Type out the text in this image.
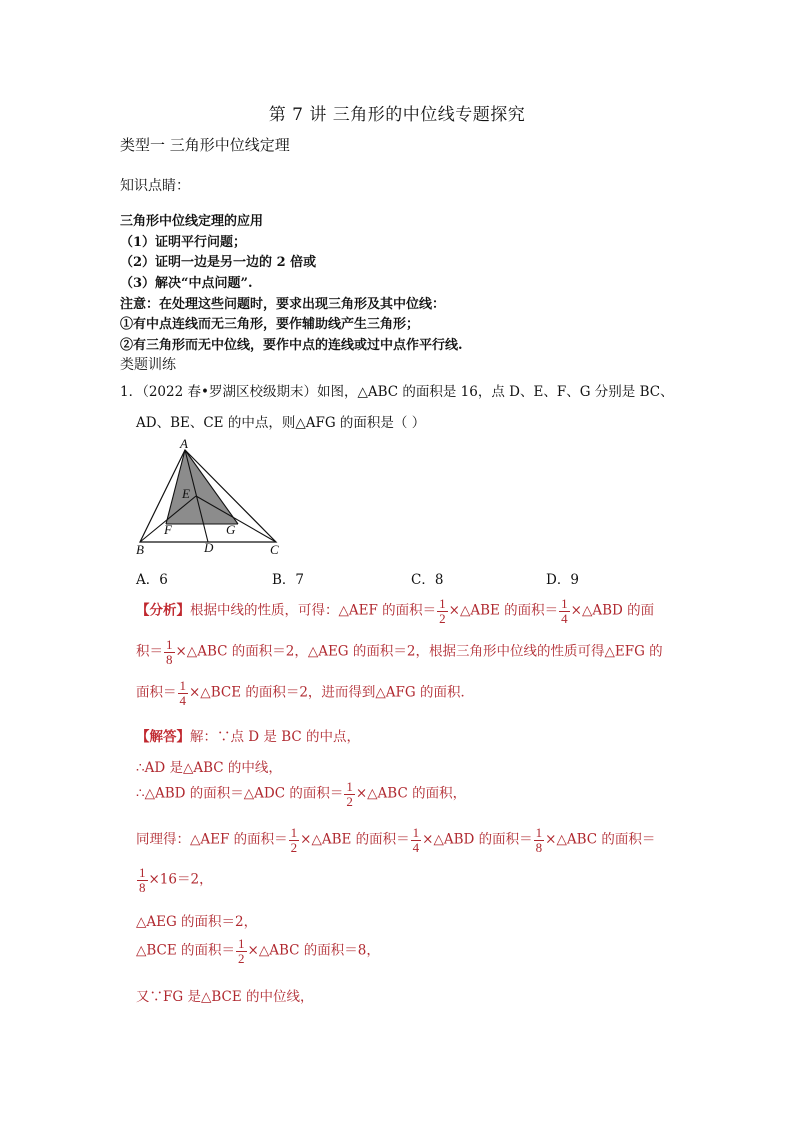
第 7 讲 三角形的中位线专题探究
类型一 三角形中位线定理
知识点睛：
三角形中位线定理的应用
（1）证明平行问题；
（2）证明一边是另一边的 2 倍或
（3）解决“中点问题”.
注意：在处理这些问题时，要求出现三角形及其中位线：
①有中点连线而无三角形，要作辅助线产生三角形；
②有三角形而无中位线，要作中点的连线或过中点作平行线.
类题训练
1．（2022 春•罗湖区校级期末）如图，△ABC 的面积是 16，点 D、E、F、G 分别是 BC、
AD、BE、CE 的中点，则△AFG 的面积是（ ）
A
B	C
D
E
F	G
A．6	B．7	C．8	D．9
【分析】根据中线的性质，可得：△AEF 的面积＝ $\frac{1}{2}$ ×△ABE 的面积＝ $\frac{1}{4}$ ×△ABD 的面
积＝ $\frac{1}{8}$ ×△ABC 的面积＝2，△AEG 的面积＝2，根据三角形中位线的性质可得△EFG 的
面积＝ $\frac{1}{4}$ ×△BCE 的面积＝2，进而得到△AFG 的面积．
【解答】解：∵点 D 是 BC 的中点，
∴AD 是△ABC 的中线，
∴△ABD 的面积＝△ADC 的面积＝ $\frac{1}{2}$ ×△ABC 的面积，
同理得：△AEF 的面积＝ $\frac{1}{2}$ ×△ABE 的面积＝ $\frac{1}{4}$ ×△ABD 的面积＝ $\frac{1}{8}$ ×△ABC 的面积＝
$\frac{1}{8} \times 16=2$，
△AEG 的面积＝2，
△BCE 的面积＝ $\frac{1}{2}$ ×△ABC 的面积＝8，
又∵FG 是△BCE 的中位线，
